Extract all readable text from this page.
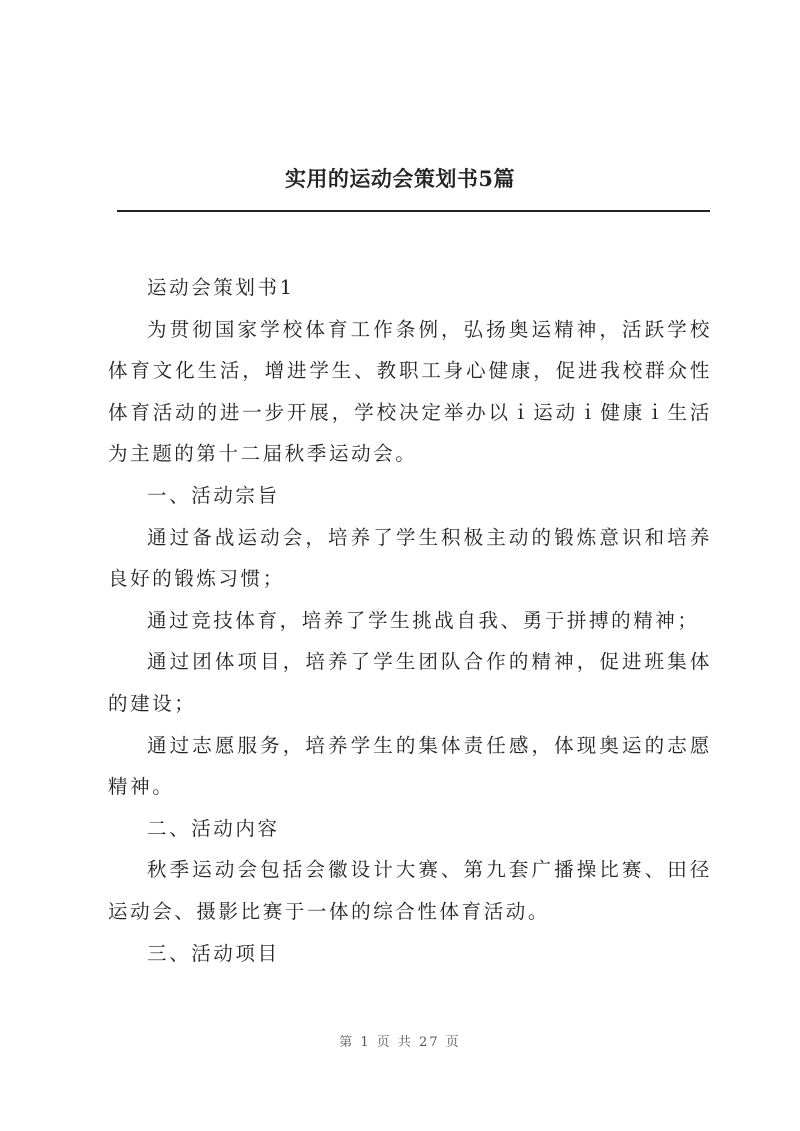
实用的运动会策划书5篇

运动会策划书1

为贯彻国家学校体育工作条例，弘扬奥运精神，活跃学校体育文化生活，增进学生、教职工身心健康，促进我校群众性体育活动的进一步开展，学校决定举办以ｉ运动ｉ健康ｉ生活为主题的第十二届秋季运动会。

一、活动宗旨

通过备战运动会，培养了学生积极主动的锻炼意识和培养良好的锻炼习惯；

通过竞技体育，培养了学生挑战自我、勇于拼搏的精神；

通过团体项目，培养了学生团队合作的精神，促进班集体的建设；

通过志愿服务，培养学生的集体责任感，体现奥运的志愿精神。

二、活动内容

秋季运动会包括会徽设计大赛、第九套广播操比赛、田径运动会、摄影比赛于一体的综合性体育活动。

三、活动项目

第 1 页 共 27 页
